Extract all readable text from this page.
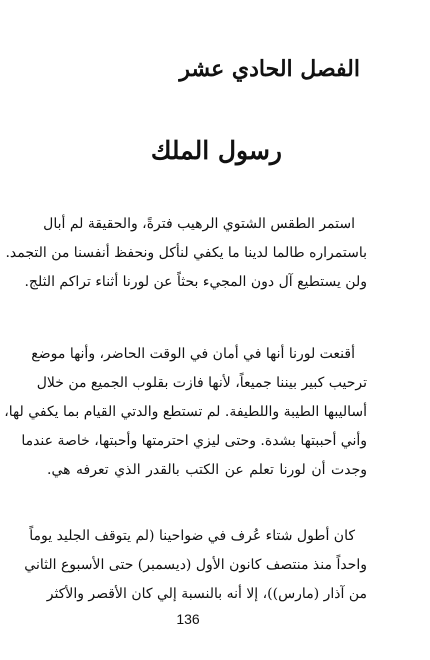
الفصل الحادي عشر
رسول الملك

استمر الطقس الشتوي الرهيب فترةً، والحقيقة لم أبال
باستمراره طالما لدينا ما يكفي لنأكل ونحفظ أنفسنا من التجمد.
ولن يستطيع آل دون المجيء بحثاً عن لورنا أثناء تراكم الثلج.

أقنعت لورنا أنها في أمان في الوقت الحاضر، وأنها موضع
ترحيب كبير بيننا جميعاً، لأنها فازت بقلوب الجميع من خلال
أساليبها الطيبة واللطيفة. لم تستطع والدتي القيام بما يكفي لها،
وأني أحببتها بشدة. وحتى ليزي احترمتها وأحبتها، خاصة عندما
وجدت أن لورنا تعلم عن الكتب بالقدر الذي تعرفه هي.

كان أطول شتاء عُرف في ضواحينا (لم يتوقف الجليد يوماً
واحداً منذ منتصف كانون الأول (ديسمبر) حتى الأسبوع الثاني
من آذار (مارس))، إلا أنه بالنسبة إلي كان الأقصر والأكثر

136
